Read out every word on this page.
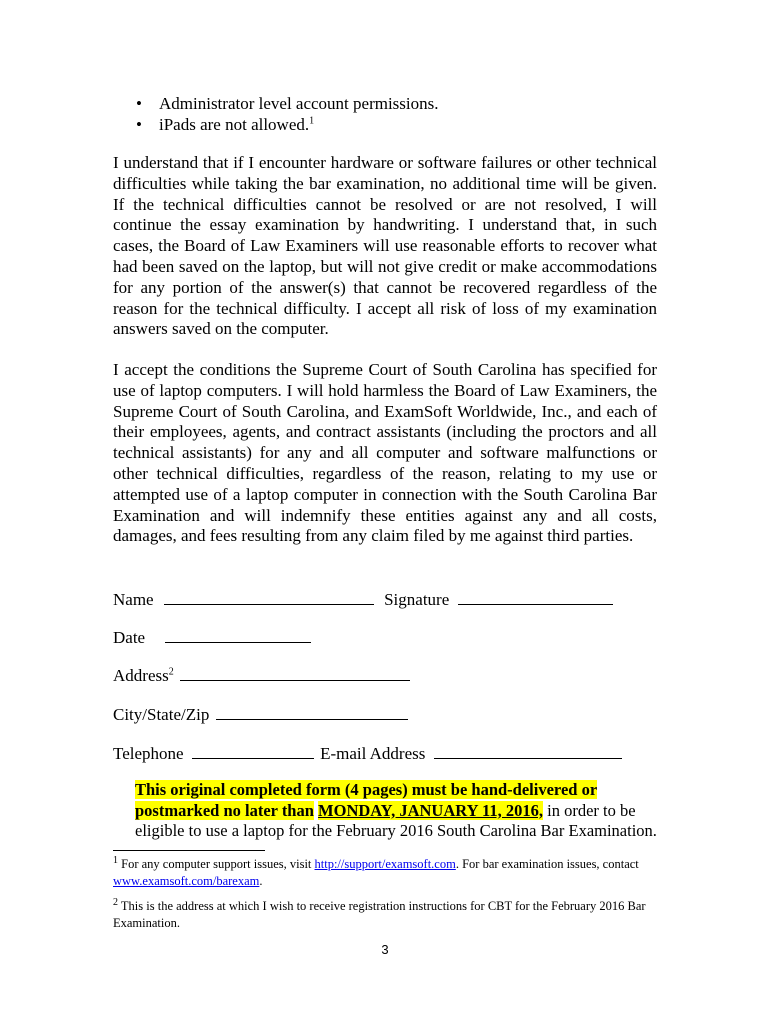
• Administrator level account permissions.
• iPads are not allowed.$^1$

I understand that if I encounter hardware or software failures or other technical difficulties while taking the bar examination, no additional time will be given. If the technical difficulties cannot be resolved or are not resolved, I will continue the essay examination by handwriting. I understand that, in such cases, the Board of Law Examiners will use reasonable efforts to recover what had been saved on the laptop, but will not give credit or make accommodations for any portion of the answer(s) that cannot be recovered regardless of the reason for the technical difficulty. I accept all risk of loss of my examination answers saved on the computer.

I accept the conditions the Supreme Court of South Carolina has specified for use of laptop computers. I will hold harmless the Board of Law Examiners, the Supreme Court of South Carolina, and ExamSoft Worldwide, Inc., and each of their employees, agents, and contract assistants (including the proctors and all technical assistants) for any and all computer and software malfunctions or other technical difficulties, regardless of the reason, relating to my use or attempted use of a laptop computer in connection with the South Carolina Bar Examination and will indemnify these entities against any and all costs, damages, and fees resulting from any claim filed by me against third parties.

Name	Signature
Date
Address$^2$
City/State/Zip
Telephone	E-mail Address
This original completed form (4 pages) must be hand-delivered or postmarked no later than MONDAY, JANUARY 11, 2016, in order to be eligible to use a laptop for the February 2016 South Carolina Bar Examination.
$^1$ For any computer support issues, visit http://support/examsoft.com. For bar examination issues, contact www.examsoft.com/barexam.
$^2$ This is the address at which I wish to receive registration instructions for CBT for the February 2016 Bar Examination.
3
